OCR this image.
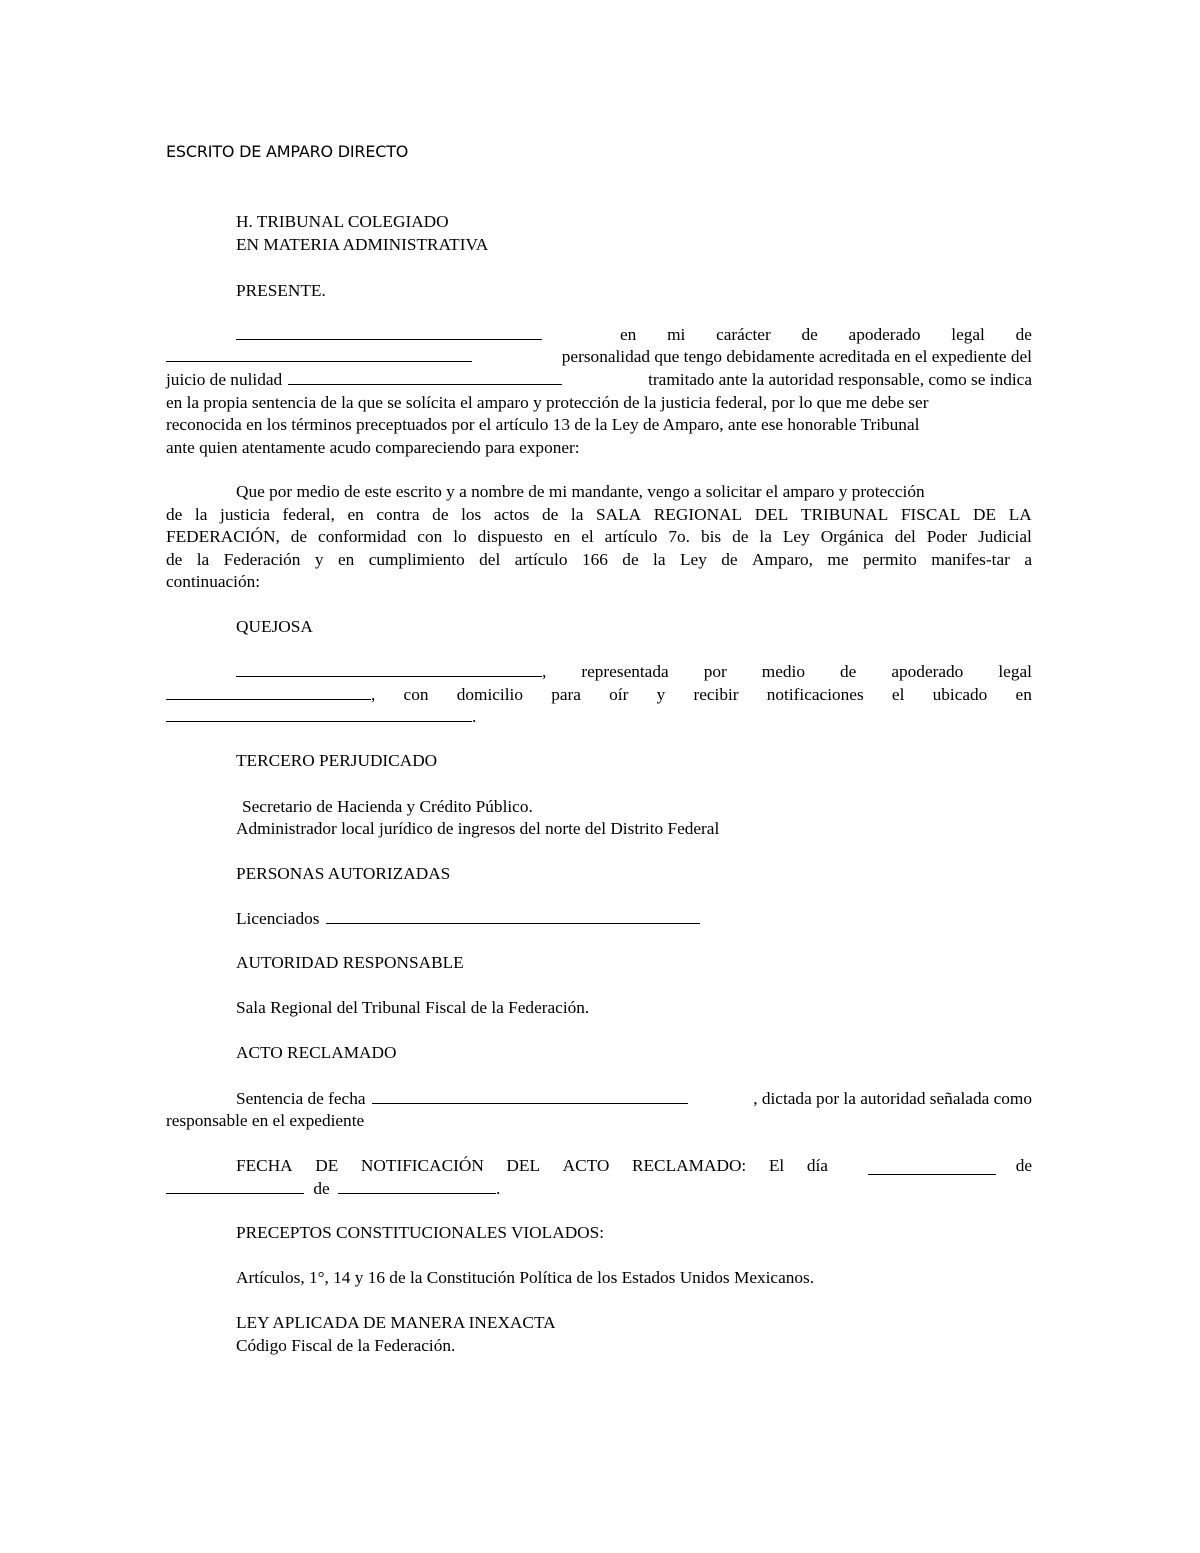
ESCRITO DE AMPARO DIRECTO
H. TRIBUNAL COLEGIADO
EN MATERIA ADMINISTRATIVA
PRESENTE.
en mi carácter de apoderado legal de
personalidad que tengo debidamente acreditada en el expediente del
juicio de nulidad	tramitado ante la autoridad responsable, como se indica
en la propia sentencia de la que se solícita el amparo y protección de la justicia federal, por lo que me debe ser
reconocida en los términos preceptuados por el artículo 13 de la Ley de Amparo, ante ese honorable Tribunal
ante quien atentamente acudo compareciendo para exponer:
Que por medio de este escrito y a nombre de mi mandante, vengo a solicitar el amparo y protección
de la justicia federal, en contra de los actos de la SALA REGIONAL DEL TRIBUNAL FISCAL DE LA
FEDERACIÓN, de conformidad con lo dispuesto en el artículo 7o. bis de la Ley Orgánica del Poder Judicial
de la Federación y en cumplimiento del artículo 166 de la Ley de Amparo, me permito manifes-tar a
continuación:
QUEJOSA
, representada por medio de apoderado legal
, con domicilio para oír y recibir notificaciones el ubicado en
.
TERCERO PERJUDICADO
Secretario de Hacienda y Crédito Público.
Administrador local jurídico de ingresos del norte del Distrito Federal
PERSONAS AUTORIZADAS
Licenciados
AUTORIDAD RESPONSABLE
Sala Regional del Tribunal Fiscal de la Federación.
ACTO RECLAMADO
Sentencia de fecha	, dictada por la autoridad señalada como
responsable en el expediente
FECHA DE NOTIFICACIÓN DEL ACTO RECLAMADO: El día	de
de	.
PRECEPTOS CONSTITUCIONALES VIOLADOS:
Artículos, 1°, 14 y 16 de la Constitución Política de los Estados Unidos Mexicanos.
LEY APLICADA DE MANERA INEXACTA
Código Fiscal de la Federación.
